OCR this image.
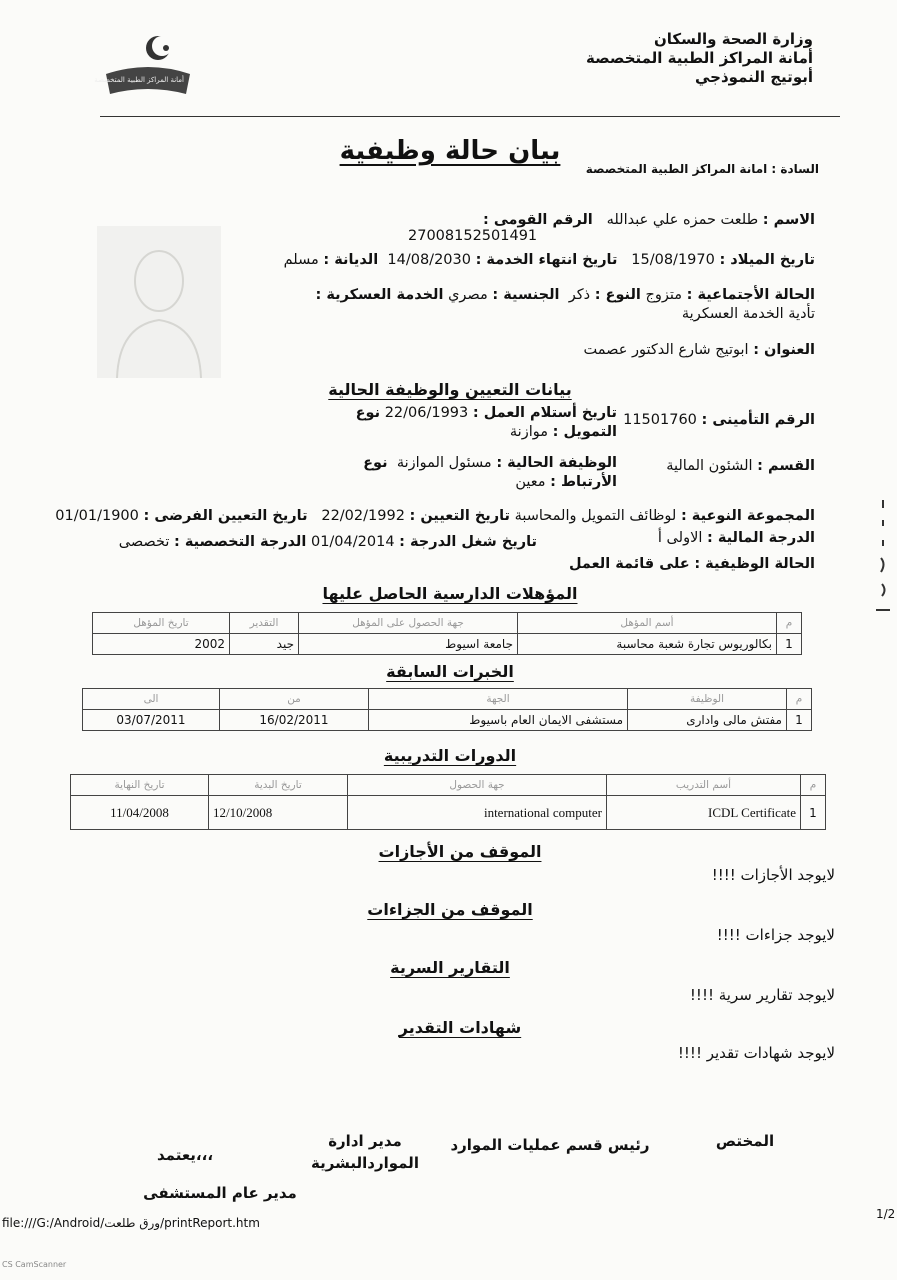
وزارة الصحة والسكان
أمانة المراكز الطبية المتخصصة
أبوتيج النموذجي
أمانة المراكز الطبية المتخصصة
بيان حالة وظيفية
السادة : امانة المراكز الطبية المتخصصة
الاسم : طلعت حمزه علي عبدالله   الرقم القومى :
27008152501491
تاريخ الميلاد : 15/08/1970   تاريخ انتهاء الخدمة : 14/08/2030  الديانة : مسلم
الحالة الأجتماعية : متزوج النوع : ذكر  الجنسية : مصري الخدمة العسكرية : تأدية الخدمة العسكرية
العنوان : ابوتيج شارع الدكتور عصمت
بيانات التعيين والوظيفة الحالية
الرقم التأمينى : 11501760
تاريخ أستلام العمل : 22/06/1993 نوع التمويل : موازنة
القسم : الشئون المالية
الوظيفة الحالية : مسئول الموازنة  نوع الأرتباط : معين
المجموعة النوعية : لوظائف التمويل والمحاسبة تاريخ التعيين : 22/02/1992   تاريخ التعيين الفرضى : 01/01/1900
الدرجة المالية : الاولى أ
تاريخ شغل الدرجة : 01/04/2014 الدرجة التخصصية : تخصصى
الحالة الوظيفية : على قائمة العمل
المؤهلات الدارسية الحاصل عليها
م	أسم المؤهل	جهة الحصول على المؤهل	التقدير	تاريخ المؤهل
1	بكالوريوس تجارة شعبة محاسبة	جامعة اسيوط	جيد	2002
الخبرات السابقة
م	الوظيفة	الجهة	من	الى
1	مفتش مالى وادارى	مستشفى الايمان العام باسيوط	16/02/2011	03/07/2011
الدورات التدريبية
م	أسم التدريب	جهة الحصول	تاريخ البدية	تاريخ النهاية
1	ICDL Certificate	international computer	12/10/2008	11/04/2008
الموقف من الأجازات
لايوجد الأجازات !!!!
الموقف من الجزاءات
لايوجد جزاءات !!!!
التقارير السرية
لايوجد تقارير سرية !!!!
شهادات التقدير
لايوجد شهادات تقدير !!!!
المختص
رئيس قسم عمليات الموارد
مدير ادارة
المواردالبشرية
يعتمد،،،
مدير عام المستشفى
file:///G:/Android/ورق طلعت/printReport.htm
1/2
CS CamScanner
